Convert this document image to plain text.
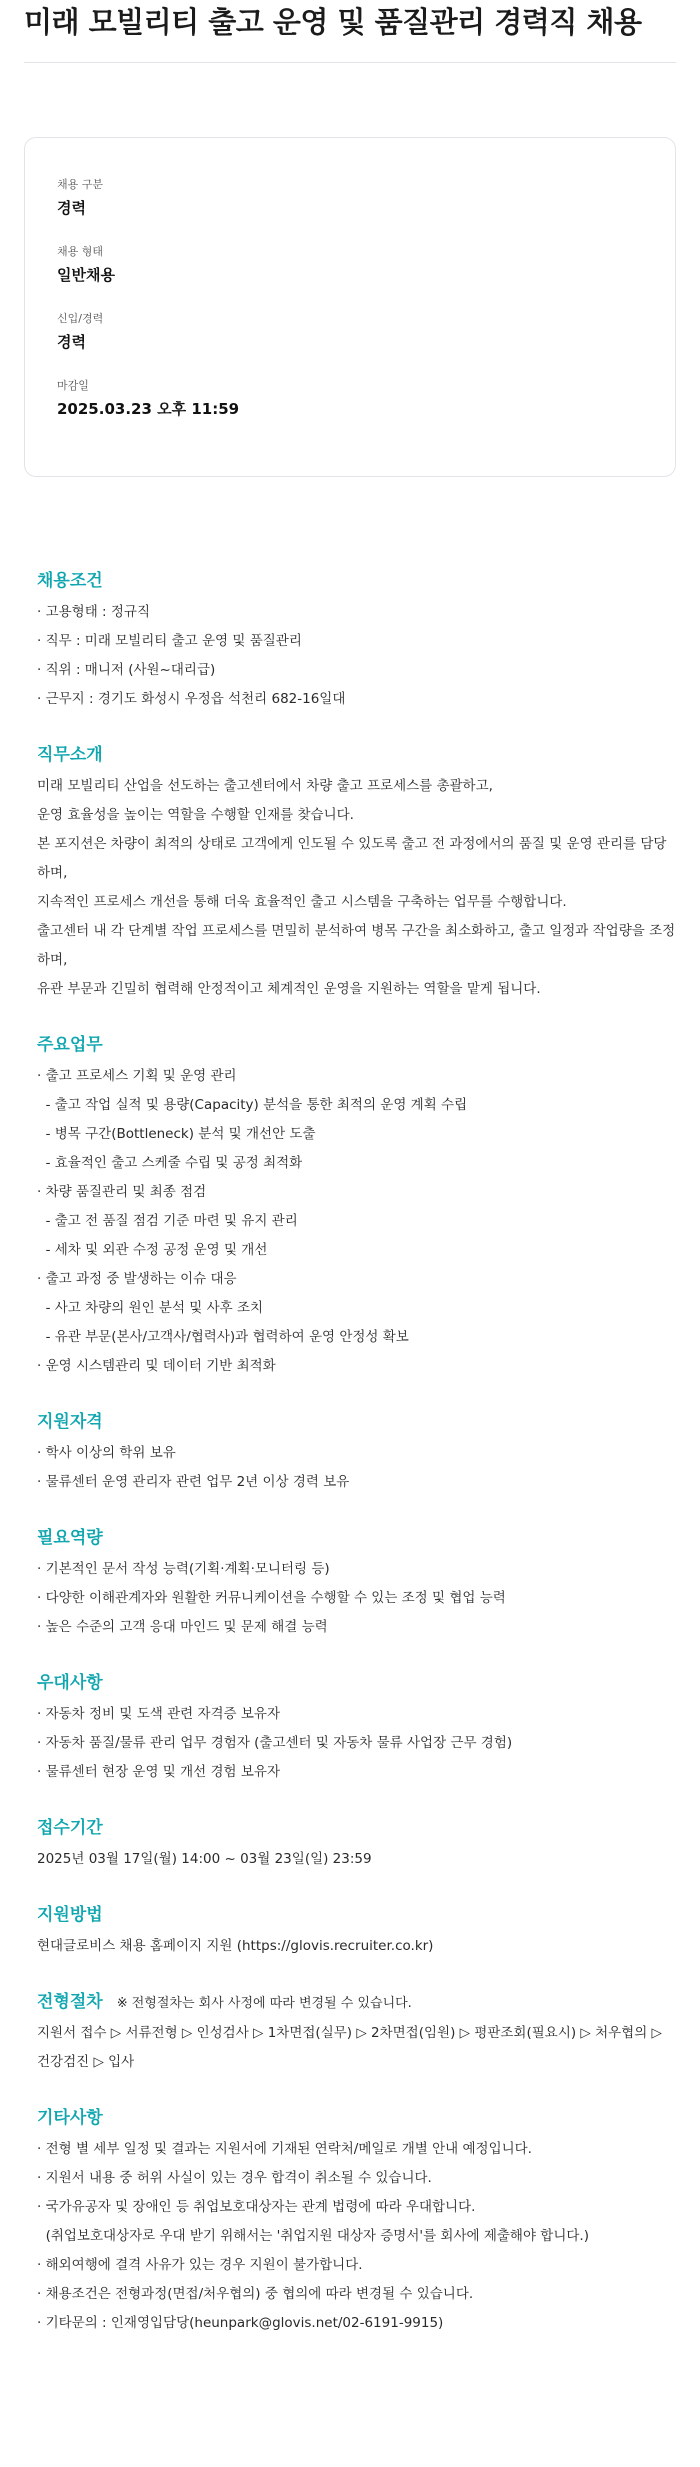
미래 모빌리티 출고 운영 및 품질관리 경력직 채용
채용 구분
경력
채용 형태
일반채용
신입/경력
경력
마감일
2025.03.23 오후 11:59
채용조건
· 고용형태 : 정규직
· 직무 : 미래 모빌리티 출고 운영 및 품질관리
· 직위 : 매니저 (사원~대리급)
· 근무지 : 경기도 화성시 우정읍 석천리 682-16일대
직무소개
미래 모빌리티 산업을 선도하는 출고센터에서 차량 출고 프로세스를 총괄하고,
운영 효율성을 높이는 역할을 수행할 인재를 찾습니다.
본 포지션은 차량이 최적의 상태로 고객에게 인도될 수 있도록 출고 전 과정에서의 품질 및 운영 관리를 담당하며,
지속적인 프로세스 개선을 통해 더욱 효율적인 출고 시스템을 구축하는 업무를 수행합니다.
출고센터 내 각 단계별 작업 프로세스를 면밀히 분석하여 병목 구간을 최소화하고, 출고 일정과 작업량을 조정하며,
유관 부문과 긴밀히 협력해 안정적이고 체계적인 운영을 지원하는 역할을 맡게 됩니다.
주요업무
· 출고 프로세스 기획 및 운영 관리
- 출고 작업 실적 및 용량(Capacity) 분석을 통한 최적의 운영 계획 수립
- 병목 구간(Bottleneck) 분석 및 개선안 도출
- 효율적인 출고 스케줄 수립 및 공정 최적화
· 차량 품질관리 및 최종 점검
- 출고 전 품질 점검 기준 마련 및 유지 관리
- 세차 및 외관 수정 공정 운영 및 개선
· 출고 과정 중 발생하는 이슈 대응
- 사고 차량의 원인 분석 및 사후 조치
- 유관 부문(본사/고객사/협력사)과 협력하여 운영 안정성 확보
· 운영 시스템관리 및 데이터 기반 최적화
지원자격
· 학사 이상의 학위 보유
· 물류센터 운영 관리자 관련 업무 2년 이상 경력 보유
필요역량
· 기본적인 문서 작성 능력(기획·계획·모니터링 등)
· 다양한 이해관계자와 원활한 커뮤니케이션을 수행할 수 있는 조정 및 협업 능력
· 높은 수준의 고객 응대 마인드 및 문제 해결 능력
우대사항
· 자동차 정비 및 도색 관련 자격증 보유자
· 자동차 품질/물류 관리 업무 경험자 (출고센터 및 자동차 물류 사업장 근무 경험)
· 물류센터 현장 운영 및 개선 경험 보유자
접수기간
2025년 03월 17일(월) 14:00 ~ 03월 23일(일) 23:59
지원방법
현대글로비스 채용 홈페이지 지원 (https://glovis.recruiter.co.kr)
전형절차 ※ 전형절차는 회사 사정에 따라 변경될 수 있습니다.
지원서 접수 ▷ 서류전형 ▷ 인성검사 ▷ 1차면접(실무) ▷ 2차면접(임원) ▷ 평판조회(필요시) ▷ 처우협의 ▷ 건강검진 ▷ 입사
기타사항
· 전형 별 세부 일정 및 결과는 지원서에 기재된 연락처/메일로 개별 안내 예정입니다.
· 지원서 내용 중 허위 사실이 있는 경우 합격이 취소될 수 있습니다.
· 국가유공자 및 장애인 등 취업보호대상자는 관계 법령에 따라 우대합니다.
(취업보호대상자로 우대 받기 위해서는 '취업지원 대상자 증명서'를 회사에 제출해야 합니다.)
· 해외여행에 결격 사유가 있는 경우 지원이 불가합니다.
· 채용조건은 전형과정(면접/처우협의) 중 협의에 따라 변경될 수 있습니다.
· 기타문의 : 인재영입담당(heunpark@glovis.net/02-6191-9915)
